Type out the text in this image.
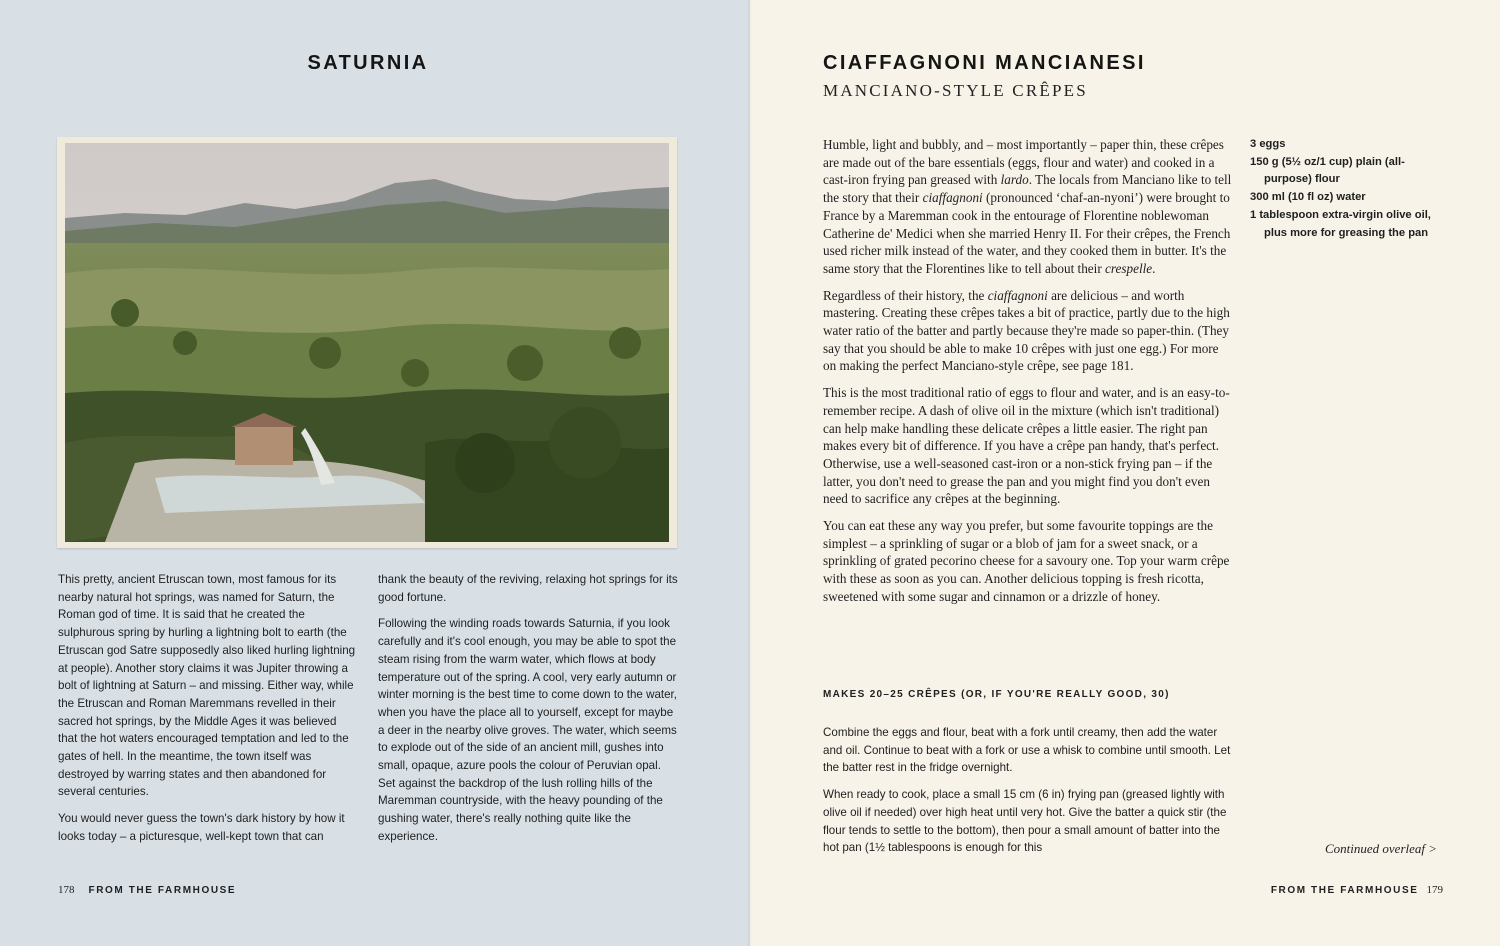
SATURNIA

This pretty, ancient Etruscan town, most famous for its nearby natural hot springs, was named for Saturn, the Roman god of time. It is said that he created the sulphurous spring by hurling a lightning bolt to earth (the Etruscan god Satre supposedly also liked hurling lightning at people). Another story claims it was Jupiter throwing a bolt of lightning at Saturn – and missing. Either way, while the Etruscan and Roman Maremmans revelled in their sacred hot springs, by the Middle Ages it was believed that the hot waters encouraged temptation and led to the gates of hell. In the meantime, the town itself was destroyed by warring states and then abandoned for several centuries.

You would never guess the town's dark history by how it looks today – a picturesque, well-kept town that can

thank the beauty of the reviving, relaxing hot springs for its good fortune.

Following the winding roads towards Saturnia, if you look carefully and it's cool enough, you may be able to spot the steam rising from the warm water, which flows at body temperature out of the spring. A cool, very early autumn or winter morning is the best time to come down to the water, when you have the place all to yourself, except for maybe a deer in the nearby olive groves. The water, which seems to explode out of the side of an ancient mill, gushes into small, opaque, azure pools the colour of Peruvian opal. Set against the backdrop of the lush rolling hills of the Maremman countryside, with the heavy pounding of the gushing water, there's really nothing quite like the experience.

178 FROM THE FARMHOUSE
CIAFFAGNONI MANCIANESI
MANCIANO-STYLE CRÊPES

Humble, light and bubbly, and – most importantly – paper thin, these crêpes are made out of the bare essentials (eggs, flour and water) and cooked in a cast-iron frying pan greased with lardo. The locals from Manciano like to tell the story that their ciaffagnoni (pronounced ‘chaf-an-nyoni’) were brought to France by a Maremman cook in the entourage of Florentine noblewoman Catherine de' Medici when she married Henry II. For their crêpes, the French used richer milk instead of the water, and they cooked them in butter. It's the same story that the Florentines like to tell about their crespelle.

Regardless of their history, the ciaffagnoni are delicious – and worth mastering. Creating these crêpes takes a bit of practice, partly due to the high water ratio of the batter and partly because they're made so paper-thin. (They say that you should be able to make 10 crêpes with just one egg.) For more on making the perfect Manciano-style crêpe, see page 181.

This is the most traditional ratio of eggs to flour and water, and is an easy-to-remember recipe. A dash of olive oil in the mixture (which isn't traditional) can help make handling these delicate crêpes a little easier. The right pan makes every bit of difference. If you have a crêpe pan handy, that's perfect. Otherwise, use a well-seasoned cast-iron or a non-stick frying pan – if the latter, you don't need to grease the pan and you might find you don't even need to sacrifice any crêpes at the beginning.

You can eat these any way you prefer, but some favourite toppings are the simplest – a sprinkling of sugar or a blob of jam for a sweet snack, or a sprinkling of grated pecorino cheese for a savoury one. Top your warm crêpe with these as soon as you can. Another delicious topping is fresh ricotta, sweetened with some sugar and cinnamon or a drizzle of honey.

MAKES 20–25 CRÊPES (OR, IF YOU'RE REALLY GOOD, 30)

Combine the eggs and flour, beat with a fork until creamy, then add the water and oil. Continue to beat with a fork or use a whisk to combine until smooth. Let the batter rest in the fridge overnight.

When ready to cook, place a small 15 cm (6 in) frying pan (greased lightly with olive oil if needed) over high heat until very hot. Give the batter a quick stir (the flour tends to settle to the bottom), then pour a small amount of batter into the hot pan (1½ tablespoons is enough for this

3 eggs
150 g (5½ oz/1 cup) plain (all-purpose) flour
300 ml (10 fl oz) water
1 tablespoon extra-virgin olive oil, plus more for greasing the pan
Continued overleaf >
FROM THE FARMHOUSE 179
